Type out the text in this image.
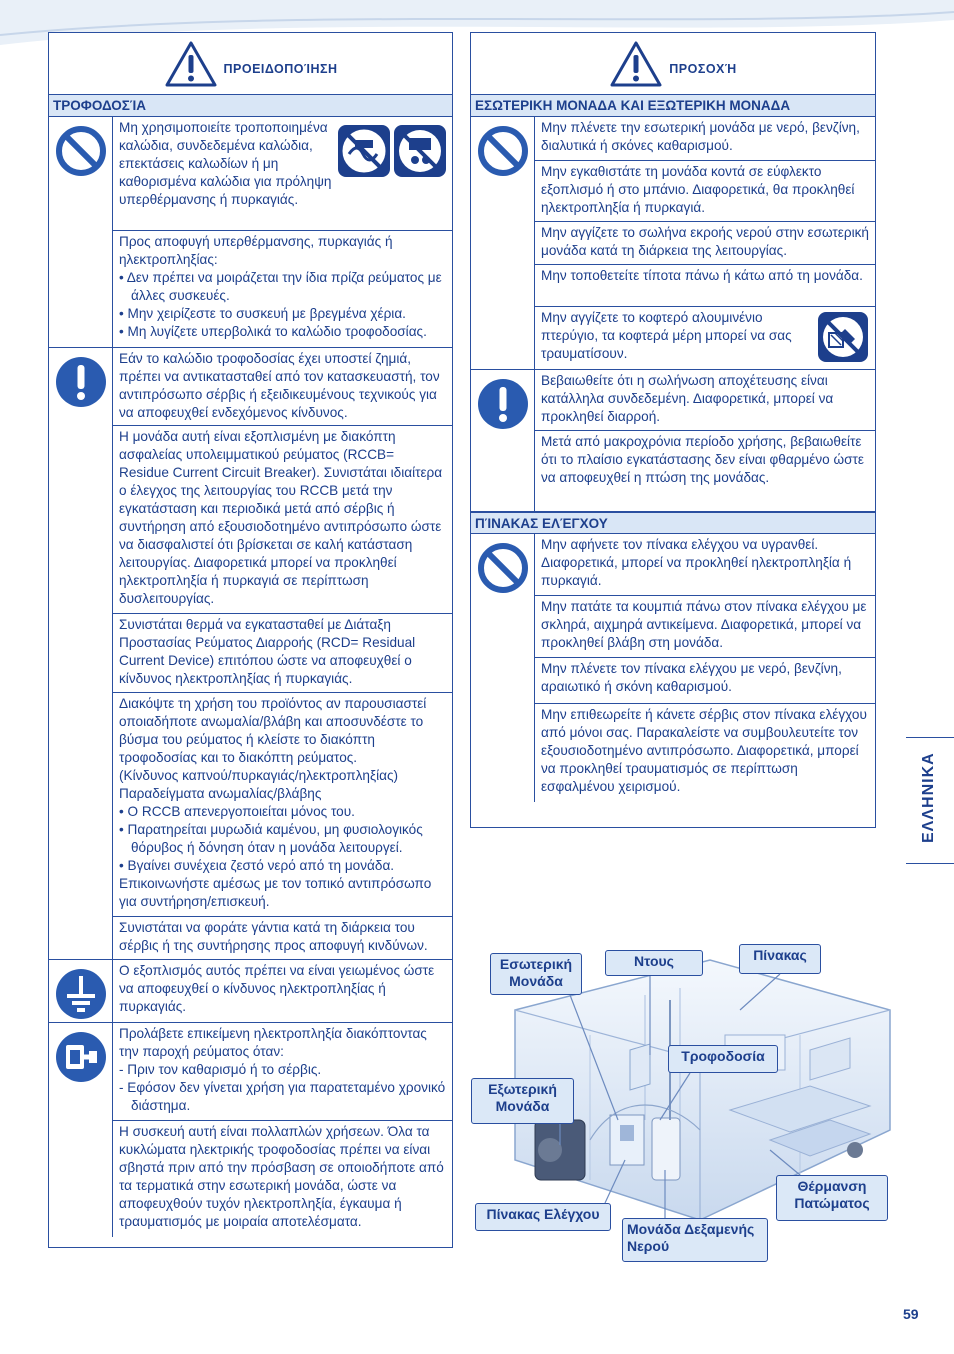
ΠΡΟΕΙΔΟΠΟΊΗΣΗ
ΤΡΟΦΟΔΟΣΊΑ
Μη χρησιμοποιείτε τροποποιημένα καλώδια, συνδεδεμένα καλώδια, επεκτάσεις καλωδίων ή μη καθορισμένα καλώδια για πρόληψη υπερθέρμανσης ή πυρκαγιάς.
Προς αποφυγή υπερθέρμανσης, πυρκαγιάς ή ηλεκτροπληξίας:
• Δεν πρέπει να μοιράζεται την ίδια πρίζα ρεύματος με άλλες συσκευές.
• Μην χειρίζεστε το συσκευή με βρεγμένα χέρια.
• Μη λυγίζετε υπερβολικά το καλώδιο τροφοδοσίας.
Εάν το καλώδιο τροφοδοσίας έχει υποστεί ζημιά, πρέπει να αντικατασταθεί από τον κατασκευαστή, τον αντιπρόσωπο σέρβις ή εξειδικευμένους τεχνικούς για να αποφευχθεί ενδεχόμενος κίνδυνος.
Η μονάδα αυτή είναι εξοπλισμένη με διακόπτη ασφαλείας υπολειμματικού ρεύματος (RCCB= Residue Current Circuit Breaker). Συνιστάται ιδιαίτερα ο έλεγχος της λειτουργίας του RCCB μετά την εγκατάσταση και περιοδικά μετά από σέρβις ή συντήρηση από εξουσιοδοτημένο αντιπρόσωπο ώστε να διασφαλιστεί ότι βρίσκεται σε καλή κατάσταση λειτουργίας. Διαφορετικά μπορεί να προκληθεί ηλεκτροπληξία ή πυρκαγιά σε περίπτωση δυσλειτουργίας.
Συνιστάται θερμά να εγκατασταθεί με Διάταξη Προστασίας Ρεύματος Διαρροής (RCD= Residual Current Device) επιτόπου ώστε να αποφευχθεί ο κίνδυνος ηλεκτροπληξίας ή πυρκαγιάς.
Διακόψτε τη χρήση του προϊόντος αν παρουσιαστεί οποιαδήποτε ανωμαλία/βλάβη και αποσυνδέστε το βύσμα του ρεύματος ή κλείστε το διακόπτη τροφοδοσίας και το διακόπτη ρεύματος.
(Κίνδυνος καπνού/πυρκαγιάς/ηλεκτροπληξίας)
Παραδείγματα ανωμαλίας/βλάβης
• Ο RCCB απενεργοποιείται μόνος του.
• Παρατηρείται μυρωδιά καμένου, μη φυσιολογικός θόρυβος ή δόνηση όταν η μονάδα λειτουργεί.
• Βγαίνει συνέχεια ζεστό νερό από τη μονάδα.
Επικοινωνήστε αμέσως με τον τοπικό αντιπρόσωπο για συντήρηση/επισκευή.
Συνιστάται να φοράτε γάντια κατά τη διάρκεια του σέρβις ή της συντήρησης προς αποφυγή κινδύνων.
Ο εξοπλισμός αυτός πρέπει να είναι γειωμένος ώστε να αποφευχθεί ο κίνδυνος ηλεκτροπληξίας ή πυρκαγιάς.
Προλάβετε επικείμενη ηλεκτροπληξία διακόπτοντας την παροχή ρεύματος όταν:
- Πριν τον καθαρισμό ή το σέρβις.
- Εφόσον δεν γίνεται χρήση για παρατεταμένο χρονικό διάστημα.
Η συσκευή αυτή είναι πολλαπλών χρήσεων. Όλα τα κυκλώματα ηλεκτρικής τροφοδοσίας πρέπει να είναι σβηστά πριν από την πρόσβαση σε οποιοδήποτε από τα τερματικά στην εσωτερική μονάδα, ώστε να αποφευχθούν τυχόν ηλεκτροπληξία, έγκαυμα ή τραυματισμός με μοιραία αποτελέσματα.
ΠΡΟΣΟΧΉ
ΕΣΩΤΕΡΙΚΗ ΜΟΝΑΔΑ ΚΑΙ ΕΞΩΤΕΡΙΚΗ ΜΟΝΑΔΑ
Μην πλένετε την εσωτερική μονάδα με νερό, βενζίνη, διαλυτικά ή σκόνες καθαρισμού.
Μην εγκαθιστάτε τη μονάδα κοντά σε εύφλεκτο εξοπλισμό ή στο μπάνιο. Διαφορετικά, θα προκληθεί ηλεκτροπληξία ή πυρκαγιά.
Μην αγγίζετε το σωλήνα εκροής νερού στην εσωτερική μονάδα κατά τη διάρκεια της λειτουργίας.
Μην τοποθετείτε τίποτα πάνω ή κάτω από τη μονάδα.
Μην αγγίζετε το κοφτερό αλουμινένιο πτερύγιο, τα κοφτερά μέρη μπορεί να σας τραυματίσουν.
Βεβαιωθείτε ότι η σωλήνωση αποχέτευσης είναι κατάλληλα συνδεδεμένη. Διαφορετικά, μπορεί να προκληθεί διαρροή.
Μετά από μακροχρόνια περίοδο χρήσης, βεβαιωθείτε ότι το πλαίσιο εγκατάστασης δεν είναι φθαρμένο ώστε να αποφευχθεί η πτώση της μονάδας.
ΠΊΝΑΚΑΣ ΕΛΈΓΧΟΥ
Μην αφήνετε τον πίνακα ελέγχου να υγρανθεί. Διαφορετικά, μπορεί να προκληθεί ηλεκτροπληξία ή πυρκαγιά.
Μην πατάτε τα κουμπιά πάνω στον πίνακα ελέγχου με σκληρά, αιχμηρά αντικείμενα. Διαφορετικά, μπορεί να προκληθεί βλάβη στη μονάδα.
Μην πλένετε τον πίνακα ελέγχου με νερό, βενζίνη, αραιωτικό ή σκόνη καθαρισμού.
Μην επιθεωρείτε ή κάνετε σέρβις στον πίνακα ελέγχου από μόνοι σας. Παρακαλείστε να συμβουλευτείτε τον εξουσιοδοτημένο αντιπρόσωπο. Διαφορετικά, μπορεί να προκληθεί τραυματισμός σε περίπτωση εσφαλμένου χειρισμού.	ΕΛΛΗΝΙΚΑ
Εσωτερική Μονάδα
Ντους	Πίνακας
Τροφοδοσία
Εξωτερική Μονάδα
Πίνακας Ελέγχου
Μονάδα Δεξαμενής Νερού
Θέρμανση Πατώματος
59
